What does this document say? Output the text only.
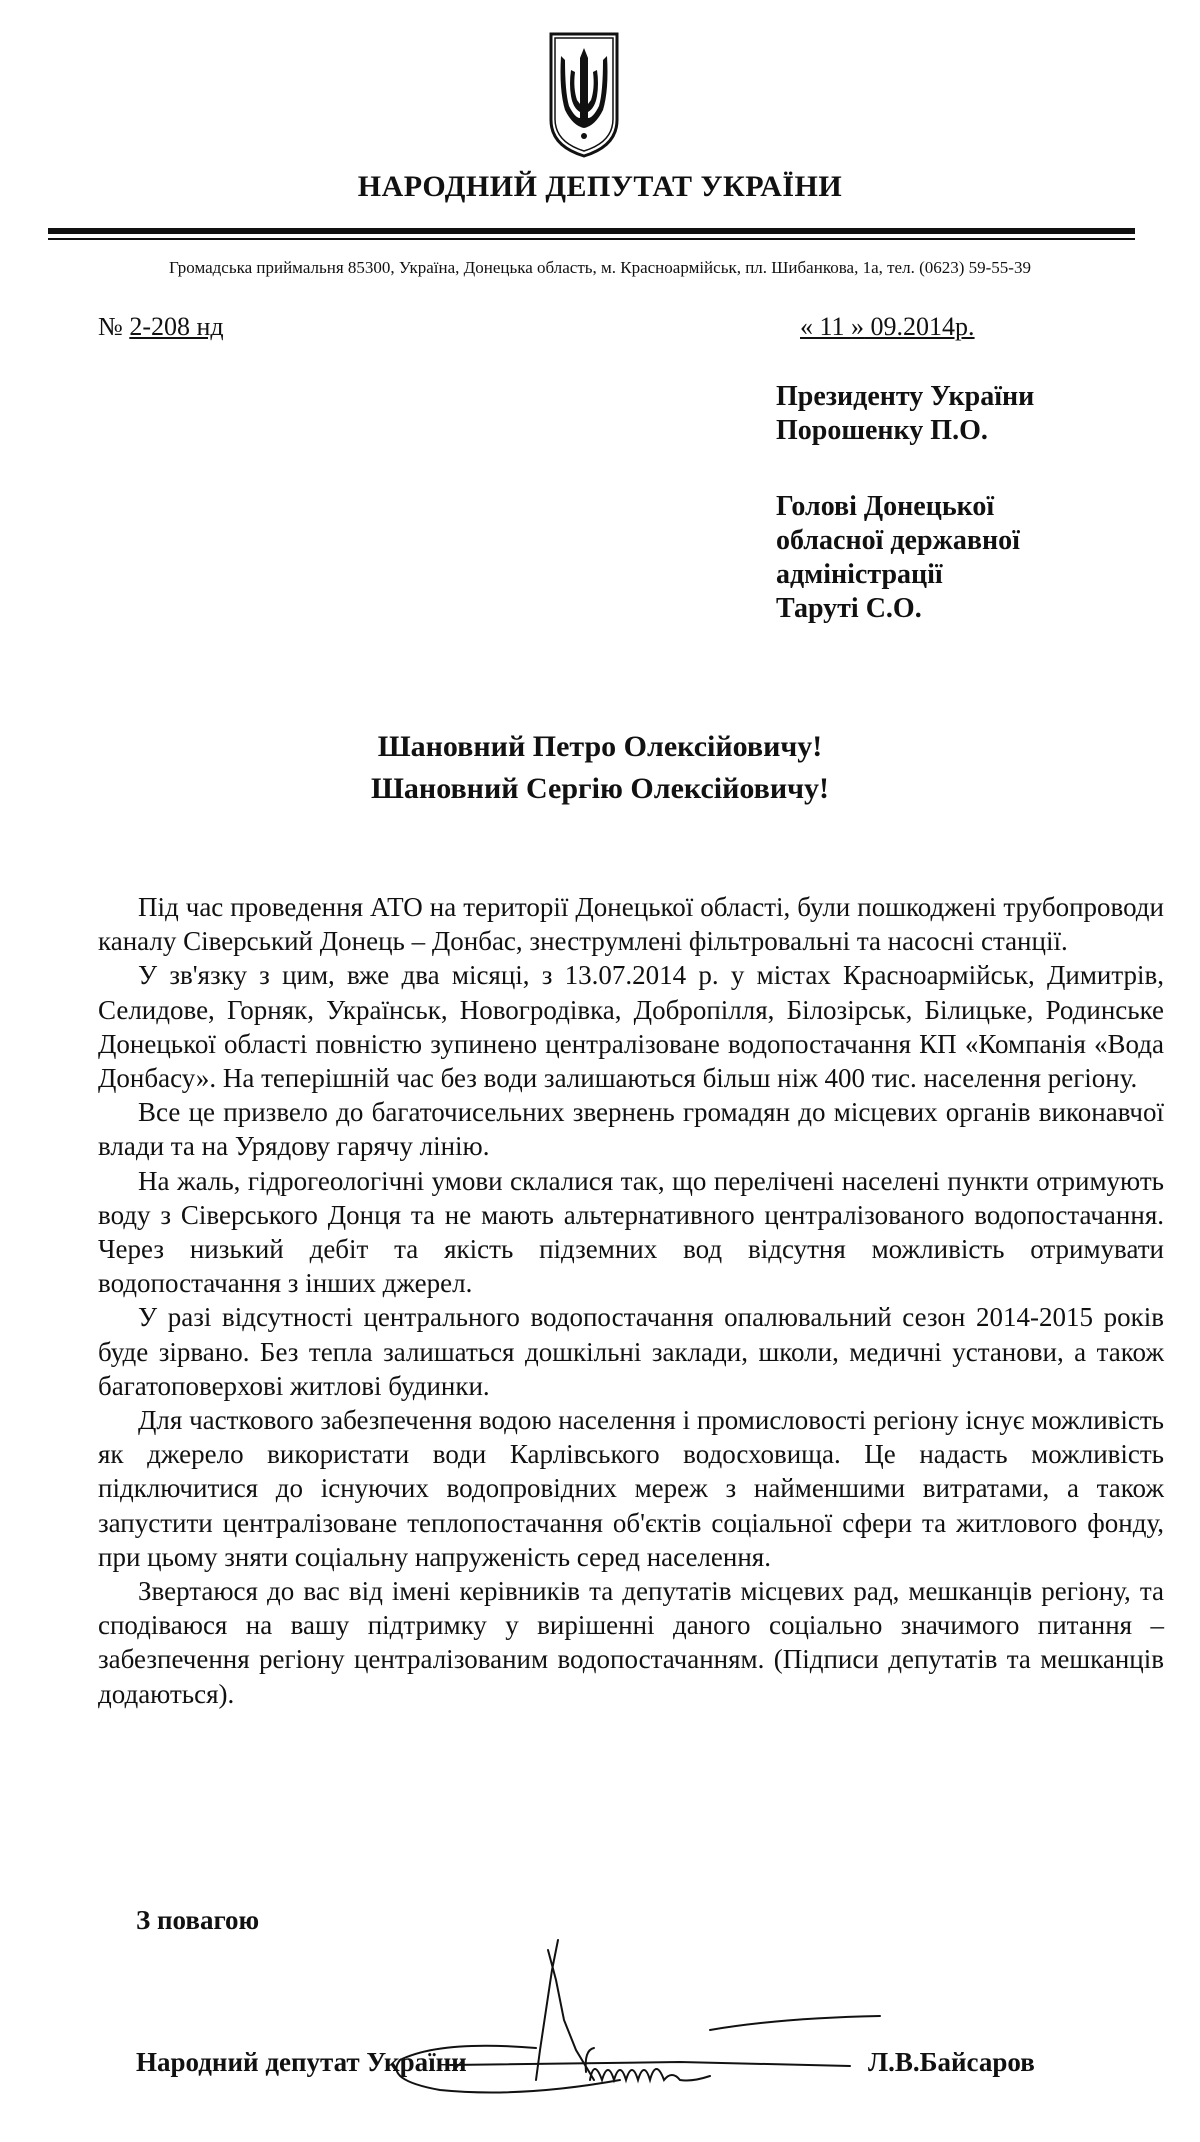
НАРОДНИЙ ДЕПУТАТ УКРАЇНИ
Громадська приймальня 85300, Україна, Донецька область, м. Красноармійськ, пл. Шибанкова, 1а, тел. (0623) 59-55-39
№ 2-208 нд	« 11 » 09.2014р.
Президенту України
Порошенку П.О.
Голові Донецької
обласної державної
адміністрації
Таруті С.О.
Шановний Петро Олексійовичу!
Шановний Сергію Олексійовичу!

Під час проведення АТО на території Донецької області, були пошкоджені трубопроводи каналу Сіверський Донець – Донбас, знеструмлені фільтровальні та насосні станції.

У зв'язку з цим, вже два місяці, з 13.07.2014 р. у містах Красноармійськ, Димитрів, Селидове, Горняк, Українськ, Новогродівка, Добропілля, Білозірськ, Білицьке, Родинське Донецької області повністю зупинено централізоване водопостачання КП «Компанія «Вода Донбасу». На теперішній час без води залишаються більш ніж 400 тис. населення регіону.

Все це призвело до багаточисельних звернень громадян до місцевих органів виконавчої влади та на Урядову гарячу лінію.

На жаль, гідрогеологічні умови склалися так, що перелічені населені пункти отримують воду з Сіверського Донця та не мають альтернативного централізованого водопостачання. Через низький дебіт та якість підземних вод відсутня можливість отримувати водопостачання з інших джерел.

У разі відсутності центрального водопостачання опалювальний сезон 2014-2015 років буде зірвано. Без тепла залишаться дошкільні заклади, школи, медичні установи, а також багатоповерхові житлові будинки.

Для часткового забезпечення водою населення і промисловості регіону існує можливість як джерело використати води Карлівського водосховища. Це надасть можливість підключитися до існуючих водопровідних мереж з найменшими витратами, а також запустити централізоване теплопостачання об'єктів соціальної сфери та житлового фонду, при цьому зняти соціальну напруженість серед населення.

Звертаюся до вас від імені керівників та депутатів місцевих рад, мешканців регіону, та сподіваюся на вашу підтримку у вирішенні даного соціально значимого питання – забезпечення регіону централізованим водопостачанням. (Підписи депутатів та мешканців додаються).

З повагою
Народний депутат України	Л.В.Байсаров
